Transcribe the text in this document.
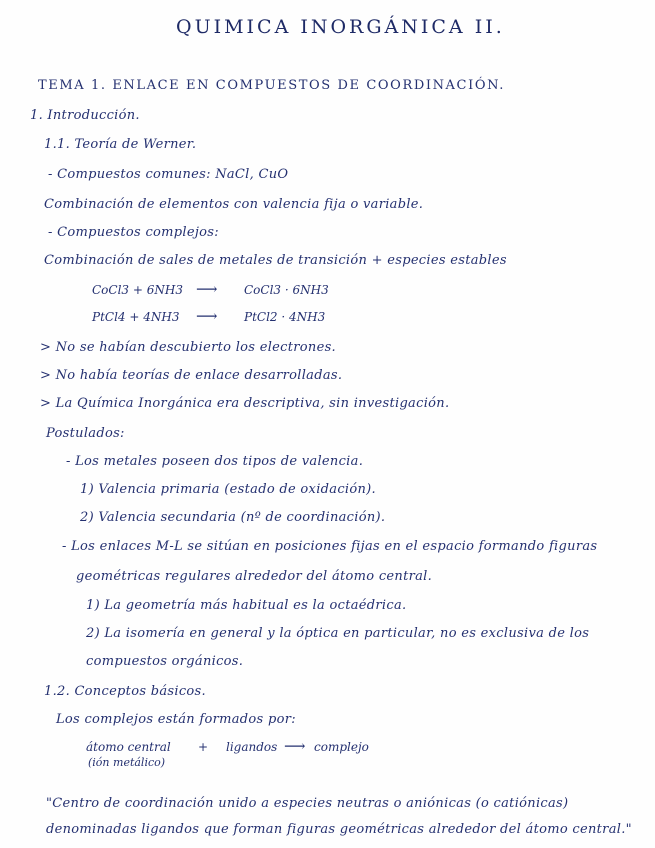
QUIMICA INORGÁNICA II.
TEMA 1. ENLACE EN COMPUESTOS DE COORDINACIÓN.
1. Introducción.
1.1. Teoría de Werner.
- Compuestos comunes: NaCl, CuO
Combinación de elementos con valencia fija o variable.
- Compuestos complejos:
Combinación de sales de metales de transición + especies estables
CoCl3 + 6NH3 ⟶ CoCl3 · 6NH3
PtCl4 + 4NH3 ⟶ PtCl2 · 4NH3
> No se habían descubierto los electrones.
> No había teorías de enlace desarrolladas.
> La Química Inorgánica era descriptiva, sin investigación.
Postulados:
- Los metales poseen dos tipos de valencia.
1) Valencia primaria (estado de oxidación).
2) Valencia secundaria (nº de coordinación).
- Los enlaces M-L se sitúan en posiciones fijas en el espacio formando figuras
geométricas regulares alrededor del átomo central.
1) La geometría más habitual es la octaédrica.
2) La isomería en general y la óptica en particular, no es exclusiva de los
compuestos orgánicos.
1.2. Conceptos básicos.
Los complejos están formados por:
átomo central
(ión metálico)
+ ligandos ⟶ complejo
"Centro de coordinación unido a especies neutras o aniónicas (o catiónicas)
denominadas ligandos que forman figuras geométricas alrededor del átomo central."
